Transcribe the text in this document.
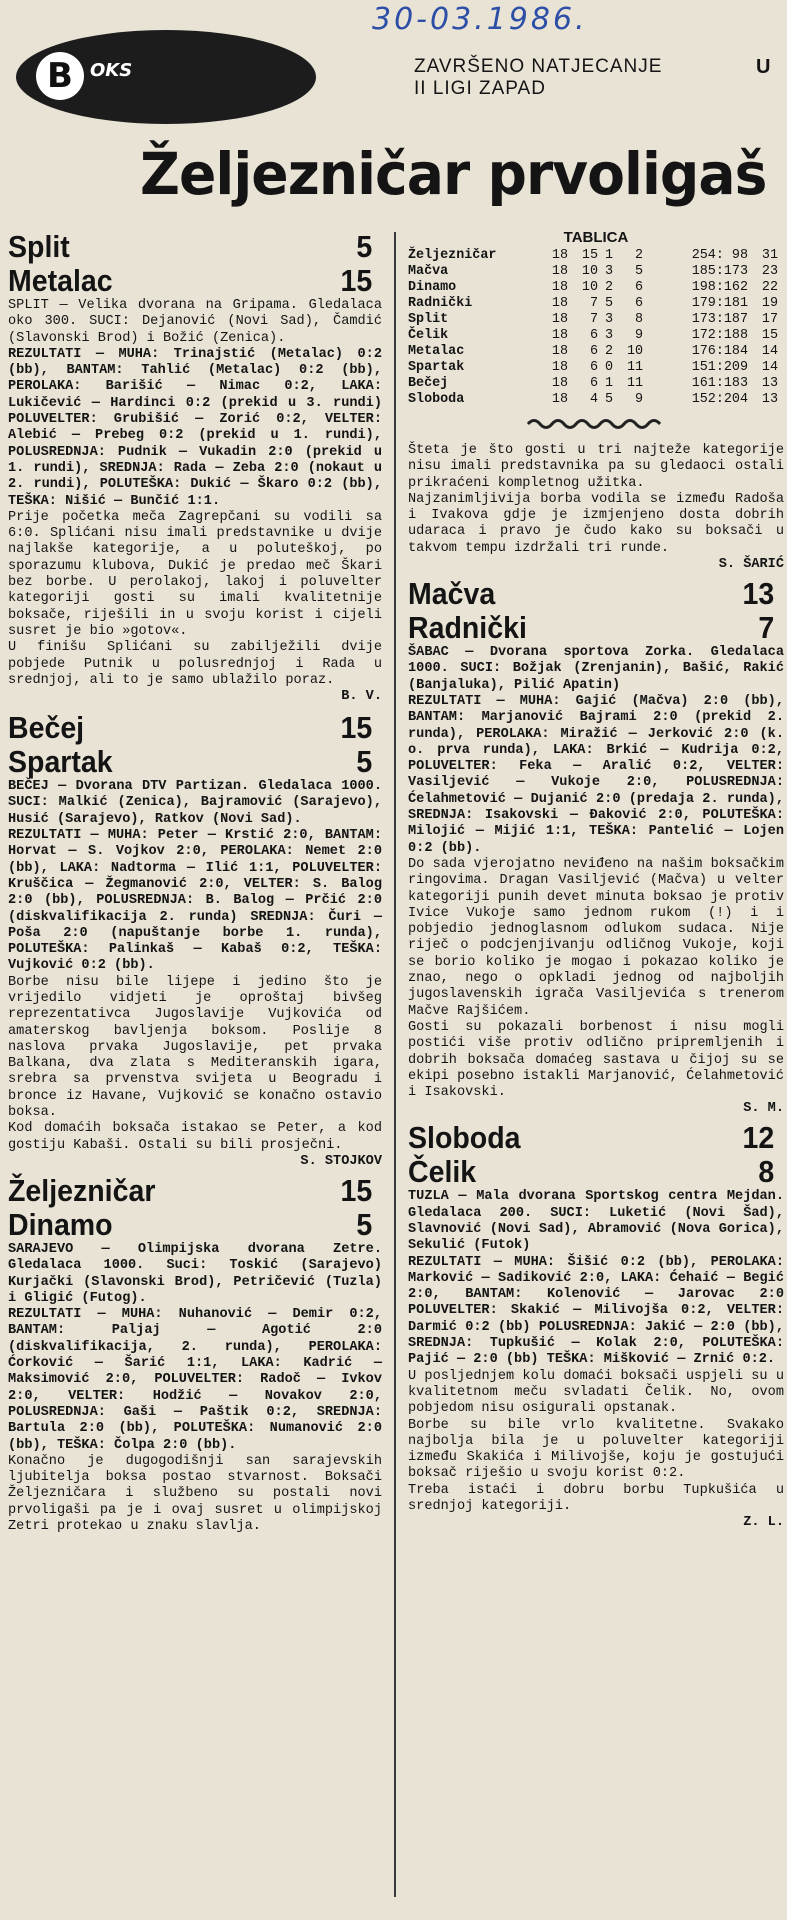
30-03.1986.
B OKS	ZAVRŠENO NATJECANJE
II LIGI ZAPAD
U
Željezničar prvoligaš
Split	5
Metalac	15

SPLIT — Velika dvorana na Gripama. Gledalaca oko 300. SUCI: Dejanović (Novi Sad), Čamdić (Slavonski Brod) i Božić (Zenica).

REZULTATI — MUHA: Trinajstić (Metalac) 0:2 (bb), BANTAM: Tahlić (Metalac) 0:2 (bb), PEROLAKA: Barišić — Nimac 0:2, LAKA: Lukičević — Hardinci 0:2 (prekid u 3. rundi) POLUVELTER: Grubišić — Zorić 0:2, VELTER: Alebić — Prebeg 0:2 (prekid u 1. rundi), POLUSREDNJA: Pudnik — Vukadin 2:0 (prekid u 1. rundi), SREDNJA: Rada — Zeba 2:0 (nokaut u 2. rundi), POLUTEŠKA: Dukić — Škaro 0:2 (bb), TEŠKA: Nišić — Bunčić 1:1.

Prije početka meča Zagrepčani su vodili sa 6:0. Splićani nisu imali predstavnike u dvije najlakše kategorije, a u poluteškoj, po sporazumu klubova, Dukić je predao meč Škari bez borbe. U perolakoj, lakoj i poluvelter kategoriji gosti su imali kvalitetnije boksače, riješili in u svoju korist i cijeli susret je bio »gotov«.

U finišu Splićani su zabilježili dvije pobjede Putnik u polusrednjoj i Rada u srednjoj, ali to je samo ublažilo poraz.

B. V.
Bečej	15
Spartak	5

BEČEJ — Dvorana DTV Partizan. Gledalaca 1000. SUCI: Malkić (Zenica), Bajramović (Sarajevo), Husić (Sarajevo), Ratkov (Novi Sad).

REZULTATI — MUHA: Peter — Krstić 2:0, BANTAM: Horvat — S. Vojkov 2:0, PEROLAKA: Nemet 2:0 (bb), LAKA: Nadtorma — Ilić 1:1, POLUVELTER: Kruščica — Žegmanović 2:0, VELTER: S. Balog 2:0 (bb), POLUSREDNJA: B. Balog — Prčić 2:0 (diskvalifikacija 2. runda) SREDNJA: Čuri — Poša 2:0 (napuštanje borbe 1. runda), POLUTEŠKA: Palinkaš — Kabaš 0:2, TEŠKA: Vujković 0:2 (bb).

Borbe nisu bile lijepe i jedino što je vrijedilo vidjeti je oproštaj bivšeg reprezentativca Jugoslavije Vujkovića od amaterskog bavljenja boksom. Poslije 8 naslova prvaka Jugoslavije, pet prvaka Balkana, dva zlata s Mediteranskih igara, srebra sa prvenstva svijeta u Beogradu i bronce iz Havane, Vujković se konačno ostavio boksa.

Kod domaćih boksača istakao se Peter, a kod gostiju Kabaši. Ostali su bili prosječni.

S. STOJKOV
Željezničar	15
Dinamo	5

SARAJEVO — Olimpijska dvorana Zetre. Gledalaca 1000. Suci: Toskić (Sarajevo) Kurjački (Slavonski Brod), Petričević (Tuzla) i Gligić (Futog).

REZULTATI — MUHA: Nuhanović — Demir 0:2, BANTAM: Paljaj — Agotić 2:0 (diskvalifikacija, 2. runda), PEROLAKA: Ćorković — Šarić 1:1, LAKA: Kadrić — Maksimović 2:0, POLUVELTER: Radoč — Ivkov 2:0, VELTER: Hodžić — Novakov 2:0, POLUSREDNJA: Gaši — Paštik 0:2, SREDNJA: Bartula 2:0 (bb), POLUTEŠKA: Numanović 2:0 (bb), TEŠKA: Čolpa 2:0 (bb).

Konačno je dugogodišnji san sarajevskih ljubitelja boksa postao stvarnost. Boksači Željezničara i službeno su postali novi prvoligaši pa je i ovaj susret u olimpijskoj Zetri protekao u znaku slavlja.

TABLICA
Željezničar	18	15	1	2	254: 98	31
Mačva	18	10	3	5	185:173	23
Dinamo	18	10	2	6	198:162	22
Radnički	18	7	5	6	179:181	19
Split	18	7	3	8	173:187	17
Čelik	18	6	3	9	172:188	15
Metalac	18	6	2	10	176:184	14
Spartak	18	6	0	11	151:209	14
Bečej	18	6	1	11	161:183	13
Sloboda	18	4	5	9	152:204	13

Šteta je što gosti u tri najteže kategorije nisu imali predstavnika pa su gledaoci ostali prikraćeni kompletnog užitka.

Najzanimljivija borba vodila se između Radoša i Ivakova gdje je izmjenjeno dosta dobrih udaraca i pravo je čudo kako su boksači u takvom tempu izdržali tri runde.

S. ŠARIĆ
Mačva	13
Radnički	7

ŠABAC — Dvorana sportova Zorka. Gledalaca 1000. SUCI: Božjak (Zrenjanin), Bašić, Rakić (Banjaluka), Pilić Apatin)

REZULTATI — MUHA: Gajić (Mačva) 2:0 (bb), BANTAM: Marjanović Bajrami 2:0 (prekid 2. runda), PEROLAKA: Miražić — Jerković 2:0 (k. o. prva runda), LAKA: Brkić — Kudrija 0:2, POLUVELTER: Feka — Aralić 0:2, VELTER: Vasiljević — Vukoje 2:0, POLUSREDNJA: Ćelahmetović — Dujanić 2:0 (predaja 2. runda), SREDNJA: Isakovski — Đaković 2:0, POLUTEŠKA: Milojić — Mijić 1:1, TEŠKA: Pantelić — Lojen 0:2 (bb).

Do sada vjerojatno neviđeno na našim boksačkim ringovima. Dragan Vasiljević (Mačva) u velter kategoriji punih devet minuta boksao je protiv Ivice Vukoje samo jednom rukom (!) i i pobjedio jednoglasnom odlukom sudaca. Nije riječ o podcjenjivanju odličnog Vukoje, koji se borio koliko je mogao i pokazao koliko je znao, nego o opkladi jednog od najboljih jugoslavenskih igrača Vasiljevića s trenerom Mačve Rajšićem.

Gosti su pokazali borbenost i nisu mogli postići više protiv odlično pripremljenih i dobrih boksača domaćeg sastava u čijoj su se ekipi posebno istakli Marjanović, Ćelahmetović i Isakovski.

S. M.
Sloboda	12
Čelik	8

TUZLA — Mala dvorana Sportskog centra Mejdan. Gledalaca 200. SUCI: Luketić (Novi Šad), Slavnović (Novi Sad), Abramović (Nova Gorica), Sekulić (Futok)

REZULTATI — MUHA: Šišić 0:2 (bb), PEROLAKA: Marković — Sadiković 2:0, LAKA: Ćehaić — Begić 2:0, BANTAM: Kolenović — Jarovac 2:0 POLUVELTER: Skakić — Milivojša 0:2, VELTER: Darmić 0:2 (bb) POLUSREDNJA: Jakić — 2:0 (bb), SREDNJA: Tupkušić — Kolak 2:0, POLUTEŠKA: Pajić — 2:0 (bb) TEŠKA: Mišković — Zrnić 0:2.

U posljednjem kolu domaći boksači uspjeli su u kvalitetnom meču svladati Čelik. No, ovom pobjedom nisu osigurali opstanak.

Borbe su bile vrlo kvalitetne. Svakako najbolja bila je u poluvelter kategoriji između Skakića i Milivojše, koju je gostujući boksač riješio u svoju korist 0:2.

Treba istaći i dobru borbu Tupkušića u srednjoj kategoriji.

Z. L.
